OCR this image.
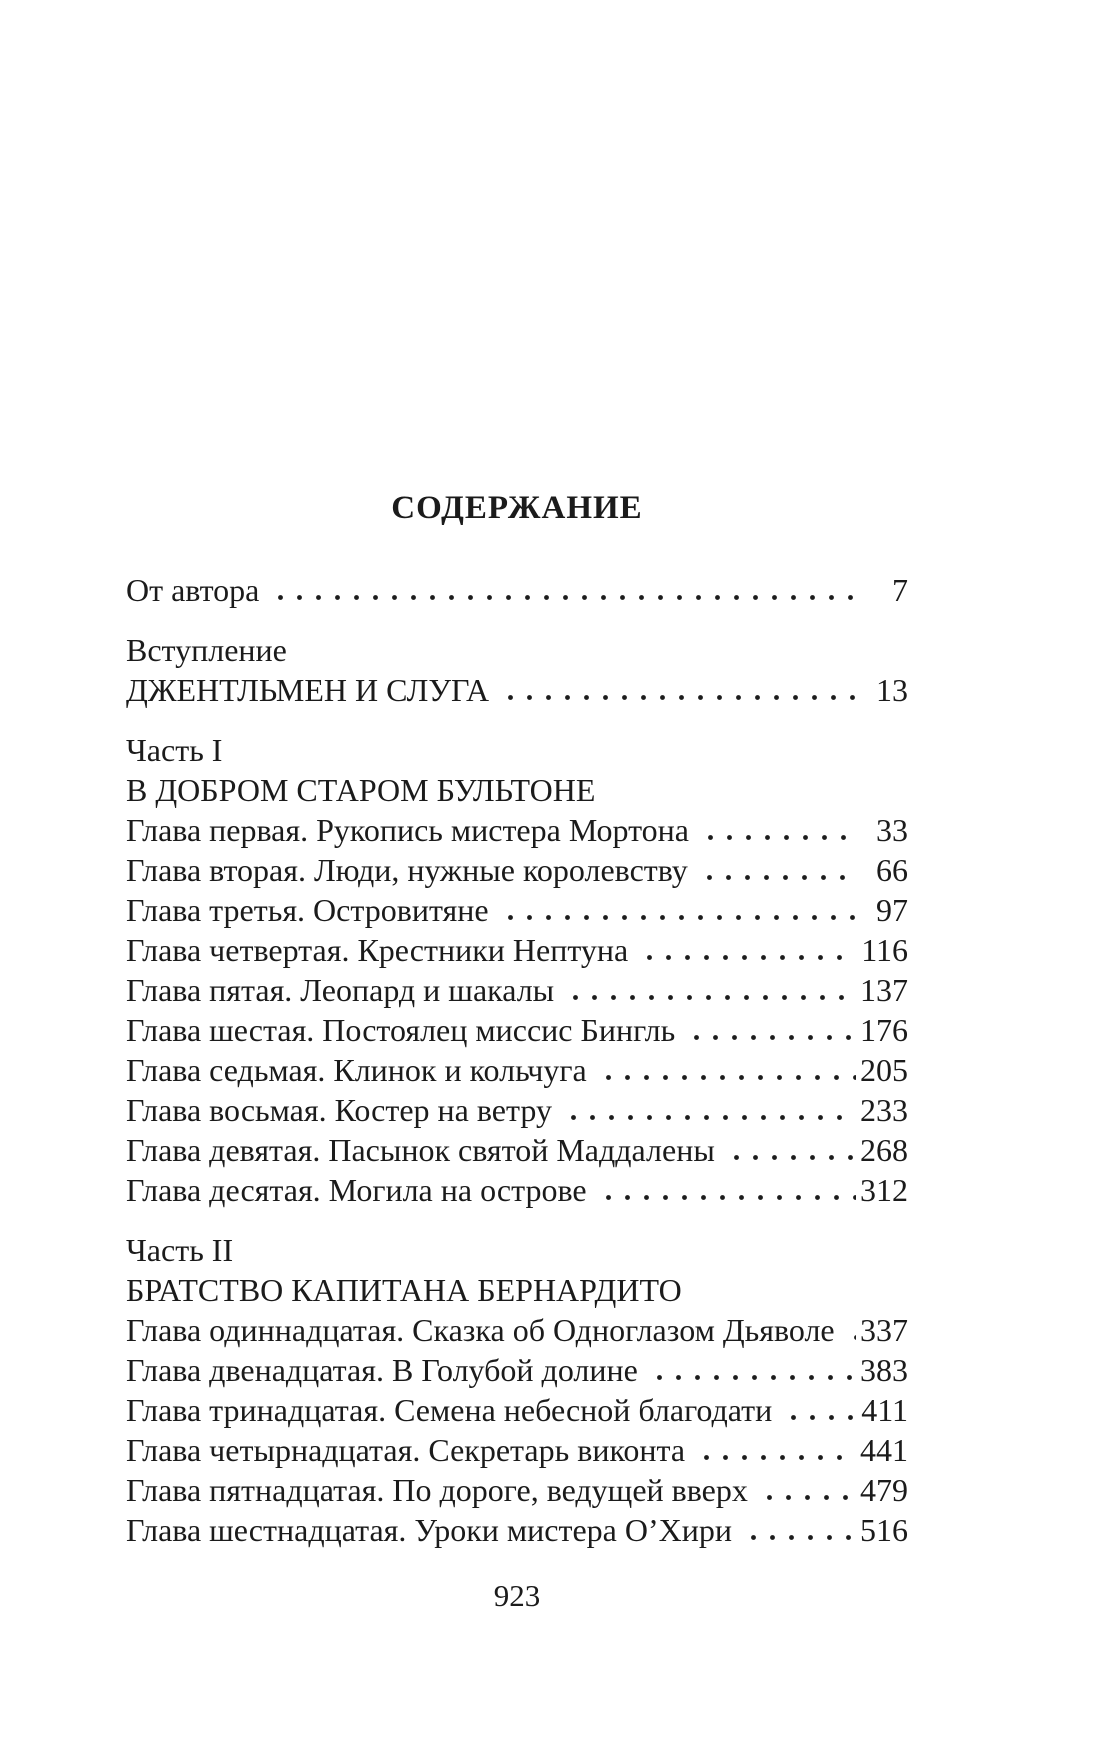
СОДЕРЖАНИЕ
От автора	7
Вступление
ДЖЕНТЛЬМЕН И СЛУГА	13
Часть I
В ДОБРОМ СТАРОМ БУЛЬТОНЕ
Глава первая. Рукопись мистера Мортона	33
Глава вторая. Люди, нужные королевству	66
Глава третья. Островитяне	97
Глава четвертая. Крестники Нептуна	116
Глава пятая. Леопард и шакалы	137
Глава шестая. Постоялец миссис Бингль	176
Глава седьмая. Клинок и кольчуга	205
Глава восьмая. Костер на ветру	233
Глава девятая. Пасынок святой Маддалены	268
Глава десятая. Могила на острове	312
Часть II
БРАТСТВО КАПИТАНА БЕРНАРДИТО
Глава одиннадцатая. Сказка об Одноглазом Дьяволе 337
Глава двенадцатая. В Голубой долине	383
Глава тринадцатая. Семена небесной благодати	411
Глава четырнадцатая. Секретарь виконта	441
Глава пятнадцатая. По дороге, ведущей вверх	479
Глава шестнадцатая. Уроки мистера О’Хири	516
923
